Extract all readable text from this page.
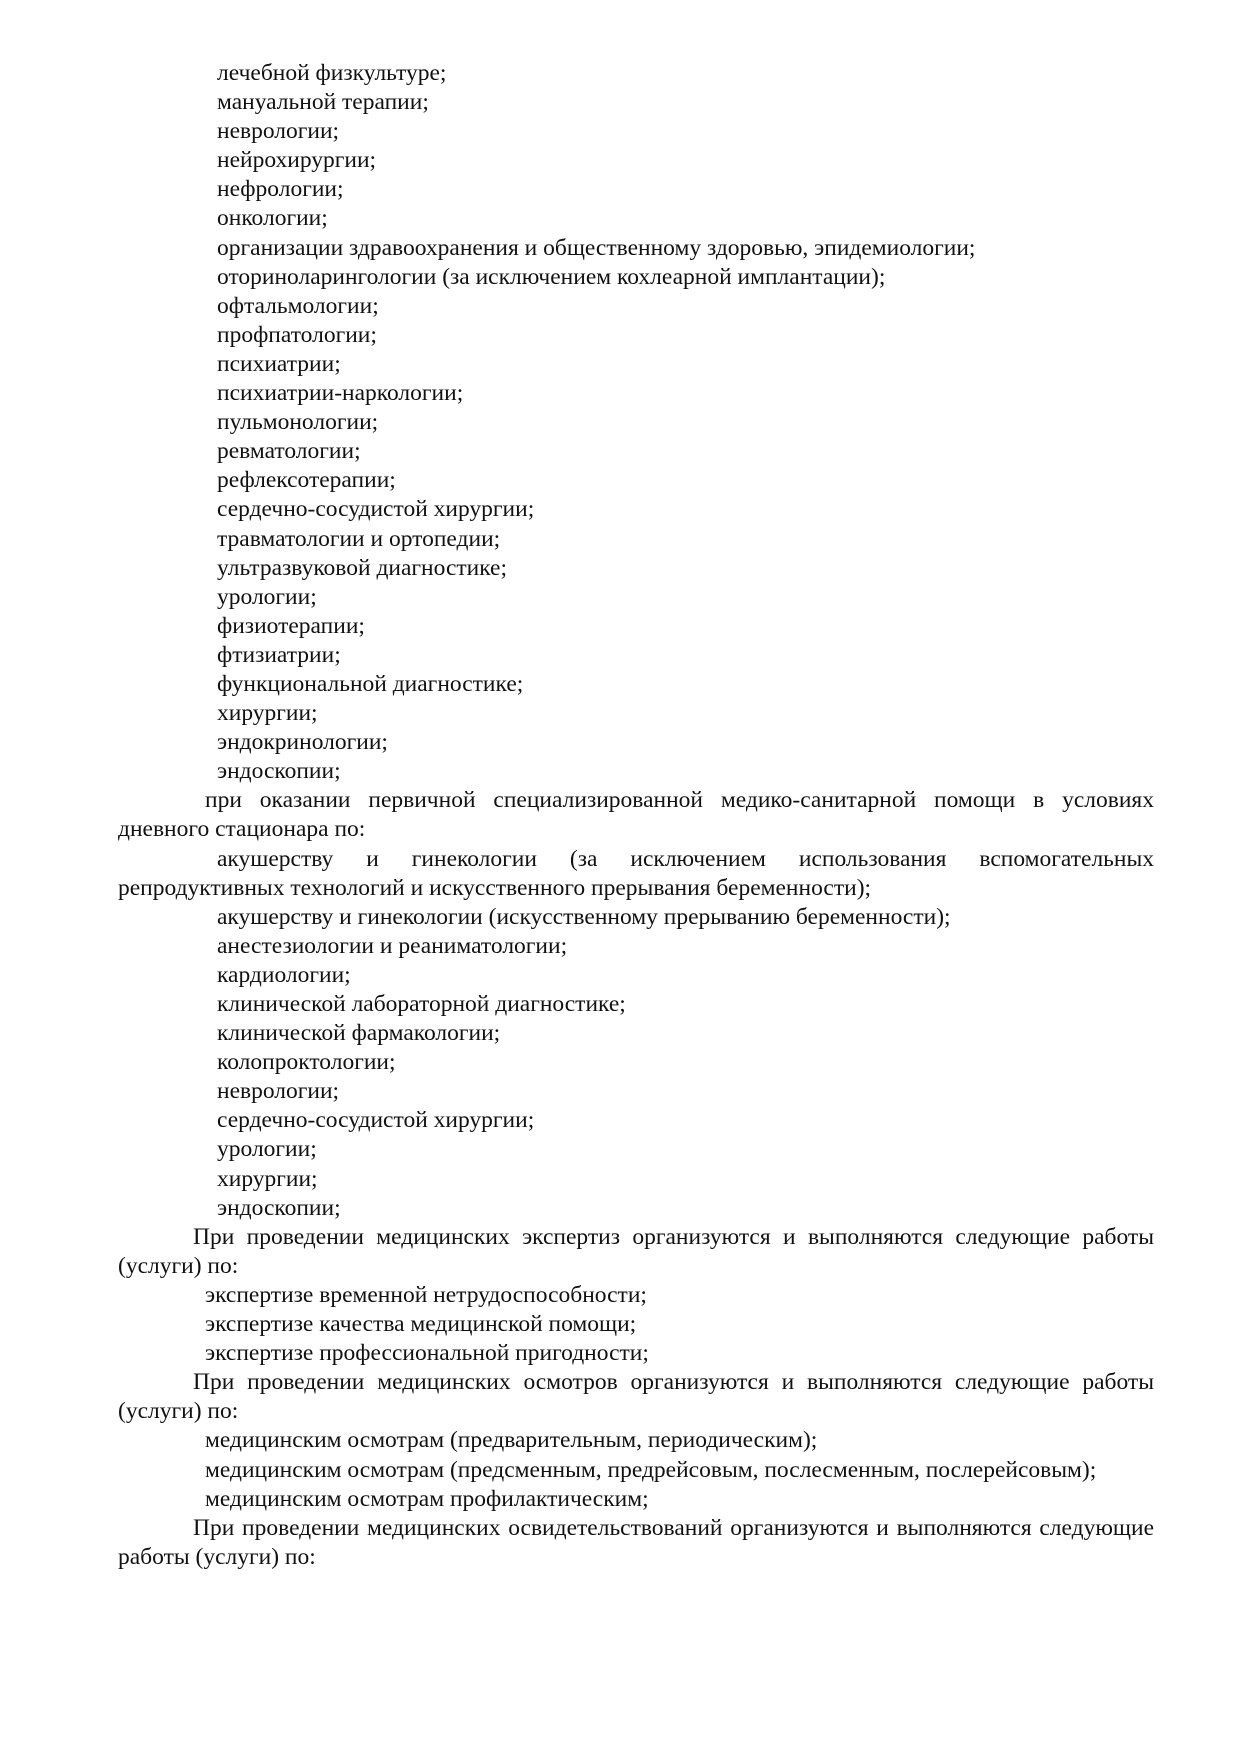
лечебной физкультуре;

мануальной терапии;

неврологии;

нейрохирургии;

нефрологии;

онкологии;

организации здравоохранения и общественному здоровью, эпидемиологии;

оториноларингологии (за исключением кохлеарной имплантации);

офтальмологии;

профпатологии;

психиатрии;

психиатрии-наркологии;

пульмонологии;

ревматологии;

рефлексотерапии;

сердечно-сосудистой хирургии;

травматологии и ортопедии;

ультразвуковой диагностике;

урологии;

физиотерапии;

фтизиатрии;

функциональной диагностике;

хирургии;

эндокринологии;

эндоскопии;

при оказании первичной специализированной медико-санитарной помощи в условиях дневного стационара по:

акушерству и гинекологии (за исключением использования вспомогательных репродуктивных технологий и искусственного прерывания беременности);

акушерству и гинекологии (искусственному прерыванию беременности);

анестезиологии и реаниматологии;

кардиологии;

клинической лабораторной диагностике;

клинической фармакологии;

колопроктологии;

неврологии;

сердечно-сосудистой хирургии;

урологии;

хирургии;

эндоскопии;

При проведении медицинских экспертиз организуются и выполняются следующие работы (услуги) по:

экспертизе временной нетрудоспособности;

экспертизе качества медицинской помощи;

экспертизе профессиональной пригодности;

При проведении медицинских осмотров организуются и выполняются следующие работы (услуги) по:

медицинским осмотрам (предварительным, периодическим);

медицинским осмотрам (предсменным, предрейсовым, послесменным, послерейсовым);

медицинским осмотрам профилактическим;

При проведении медицинских освидетельствований организуются и выполняются следующие работы (услуги) по:
